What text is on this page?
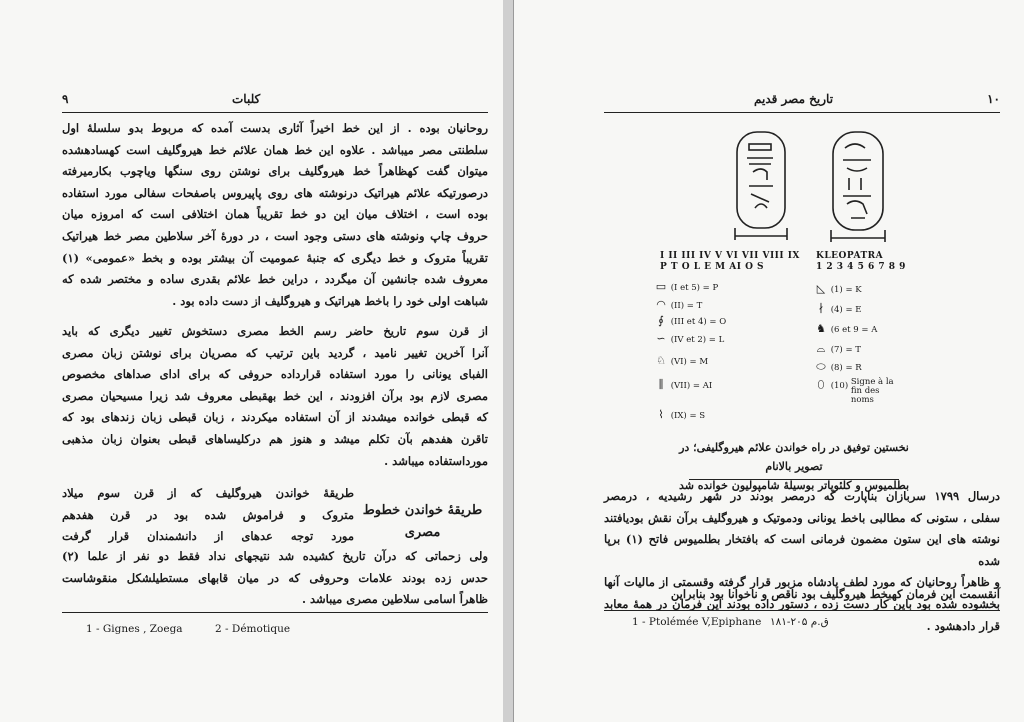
٩	كلبات
روحانیان بوده . از این خط اخیراً آثاری بدست آمده که مربوط بدو سلسلهٔ اول
سلطنتی مصر میباشد . علاوه این خط همان علائم خط هیروگلیف است کهسادهشده
میتوان گفت کهظاهراً خط هیروگلیف برای نوشتن روی سنگها ویاچوب بکارمیرفته
درصورتیکه علائم هیراتیک درنوشته های روی پاپیروس باصفحات سفالی مورد استفاده
بوده است ، اختلاف میان این دو خط تقریباً همان اختلافی است که امروزه میان
حروف چاپ ونوشته های دستی وجود است ، در دورهٔ آخر سلاطین مصر خط هیراتیک
تقریباً متروک و خط دیگری که جنبهٔ عمومیت آن بیشتر بوده و بخط «عمومی» (۱)
معروف شده جانشین آن میگردد ، دراین خط علائم بقدری ساده و مختصر شده که
شباهت اولی خود را باخط هیراتیک و هیروگلیف از دست داده بود .
از قرن سوم تاریخ حاضر رسم الخط مصری دستخوش تغییر دیگری که باید
آنرا آخرین تغییر نامید ، گردید باین ترتیب که مصریان برای نوشتن زبان مصری
الفبای یونانی را مورد استفاده قرارداده حروفی که برای ادای صداهای مخصوص
مصری لازم بود برآن افزودند ، این خط بهقبطی معروف شد زیرا مسیحیان مصری
که قبطی خوانده میشدند از آن استفاده میکردند ، زبان قبطی زبان زندهای بود که
تاقرن هفدهم بآن تکلم میشد و هنوز هم درکلیساهای قبطی بعنوان زبان مذهبی
مورداستفاده میباشد .
طریقهٔ خواندن هیروگلیف که از قرن سوم میلاد
متروک و فراموش شده بود در قرن هفدهم
مورد توجه عدهای از دانشمندان قرار گرفت
طریقهٔ خواندن خطوط
مصری
ولی زحماتی که درآن تاریخ کشیده شد نتیجهای نداد فقط دو نفر از علما (۲)
حدس زده بودند علامات وحروفی که در میان قابهای مستطیلشکل منقوشاست
ظاهراً اسامی سلاطین مصری میباشد .
1 - Gignes , Zoega	2 - Démotique
تاریخ مصر قدیم	١٠
I II III IV V VI VII VIII IX
P T O L E M AI O S
KLEOPATRA
1 2 3 4 5 6 7 8 9
▭ (I et 5) = P
◠ (II) = T
∮ (III et 4) = O
∽ (IV et 2) = L
♘ (VI) = M
∥ (VII) = AI
⌇ (IX) = S
◺ (1) = K
∤ (4) = E
♞ (6 et 9 = A
⌓ (7) = T
⬭ (8) = R
⬯ (10) Signe à la fin des noms
نخستین توفیق در راه خواندن علائم هیروگلیفی؛ در تصویر بالانام
بطلمیوس و کلئوپاتر بوسیلهٔ شامپولیون خوانده شد
درسال ۱۷۹۹ سربازان بناپارت که درمصر بودند در شهر رشیدیه ، درمصر
سفلی ، ستونی که مطالبی باخط یونانی ودموتیک و هیروگلیف برآن نقش بودیافتند
نوشته های این ستون مضمون فرمانی است که بافتخار بطلمیوس فاتح (۱) برپا شده
و ظاهراً روحانیان که مورد لطف پادشاه مزبور قرار گرفته وقسمتی از مالیات آنها
بخشوده شده بود باین کار دست زده ، دستور داده بودند این فرمان در همهٔ معابد
قرار دادهشود .
آنقسمت این فرمان کهبخط هیروگلیف بود ناقص و ناخوانا بود بنابراین
1 - Ptolémée V,Epiphane ق.م ۲۰۵-۱۸۱
